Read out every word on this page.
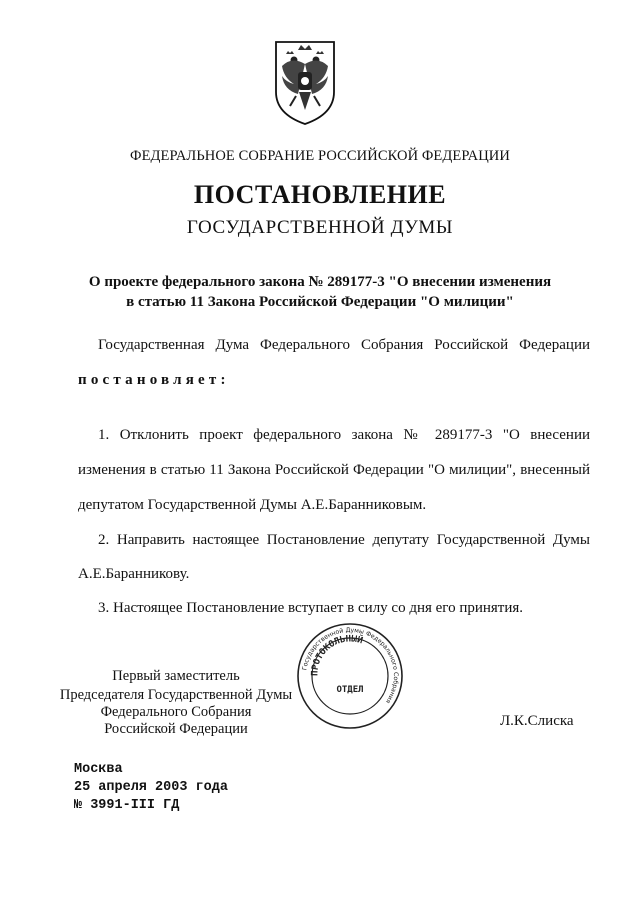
ФЕДЕРАЛЬНОЕ СОБРАНИЕ РОССИЙСКОЙ ФЕДЕРАЦИИ
ПОСТАНОВЛЕНИЕ
ГОСУДАРСТВЕННОЙ ДУМЫ
О проекте федерального закона № 289177-3 "О внесении изменения
в статью 11 Закона Российской Федерации "О милиции"
Государственная Дума Федерального Собрания Российской Федерации
постановляет:
1. Отклонить проект федерального закона № 289177-3 "О внесении
изменения в статью 11 Закона Российской Федерации "О милиции", внесенный
депутатом Государственной Думы А.Е.Баранниковым.
2. Направить настоящее Постановление депутату Государственной Думы
А.Е.Баранникову.
3. Настоящее Постановление вступает в силу со дня его принятия.
Государственной Думы Федерального Собрания
ПРОТОКОЛЬНЫЙ
ОТДЕЛ
Первый заместитель
Председателя Государственной Думы
Федерального Собрания
Российской Федерации	Л.К.Слиска
Москва
25 апреля 2003 года
№ 3991-III ГД
